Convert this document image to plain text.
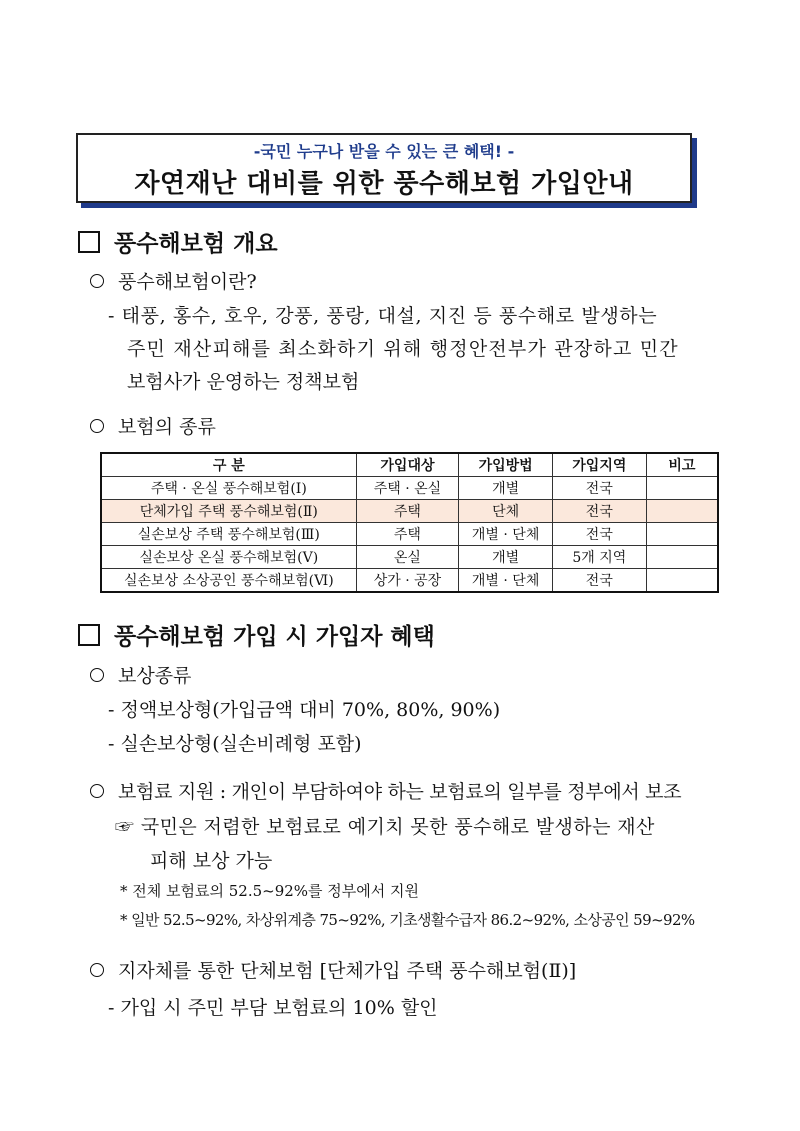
-국민 누구나 받을 수 있는 큰 혜택! -
자연재난 대비를 위한 풍수해보험 가입안내
풍수해보험 개요
풍수해보험이란?
- 태풍, 홍수, 호우, 강풍, 풍랑, 대설, 지진 등 풍수해로 발생하는
주민 재산피해를 최소화하기 위해 행정안전부가 관장하고 민간
보험사가 운영하는 정책보험
보험의 종류
구 분	가입대상	가입방법	가입지역	비고
주택 · 온실 풍수해보험(Ⅰ)	주택 · 온실	개별	전국	
단체가입 주택 풍수해보험(Ⅱ)	주택	단체	전국	
실손보상 주택 풍수해보험(Ⅲ)	주택	개별 · 단체	전국	
실손보상 온실 풍수해보험(Ⅴ)	온실	개별	5개 지역	
실손보상 소상공인 풍수해보험(Ⅵ)	상가 · 공장	개별 · 단체	전국	
풍수해보험 가입 시 가입자 혜택
보상종류
- 정액보상형(가입금액 대비 70%, 80%, 90%)
- 실손보상형(실손비례형 포함)
보험료 지원 : 개인이 부담하여야 하는 보험료의 일부를 정부에서 보조
☞ 국민은 저렴한 보험료로 예기치 못한 풍수해로 발생하는 재산
피해 보상 가능
* 전체 보험료의 52.5~92%를 정부에서 지원
* 일반 52.5~92%, 차상위계층 75~92%, 기초생활수급자 86.2~92%, 소상공인 59~92%
지자체를 통한 단체보험 [단체가입 주택 풍수해보험(Ⅱ)]
- 가입 시 주민 부담 보험료의 10% 할인
